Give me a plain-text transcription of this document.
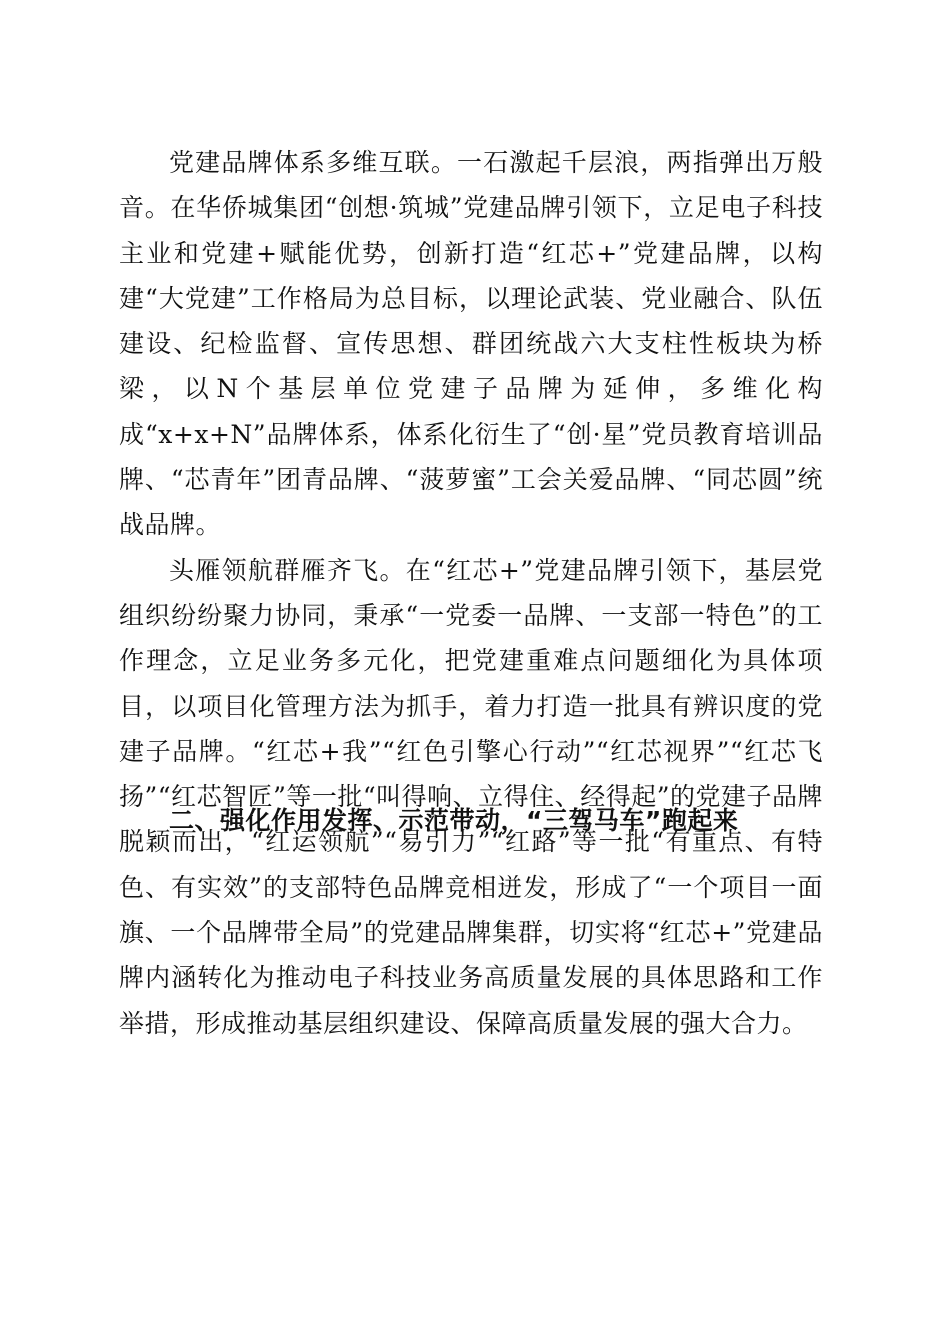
党建品牌体系多维互联。一石激起千层浪，两指弹出万般音。在华侨城集团“创想·筑城”党建品牌引领下，立足电子科技主业和党建+赋能优势，创新打造“红芯+”党建品牌，以构建“大党建”工作格局为总目标，以理论武装、党业融合、队伍建设、纪检监督、宣传思想、群团统战六大支柱性板块为桥梁，以N个基层单位党建子品牌为延伸，多维化构成“x+x+N”品牌体系，体系化衍生了“创·星”党员教育培训品牌、“芯青年”团青品牌、“菠萝蜜”工会关爱品牌、“同芯圆”统战品牌。

头雁领航群雁齐飞。在“红芯+”党建品牌引领下，基层党组织纷纷聚力协同，秉承“一党委一品牌、一支部一特色”的工作理念，立足业务多元化，把党建重难点问题细化为具体项目，以项目化管理方法为抓手，着力打造一批具有辨识度的党建子品牌。“红芯+我”“红色引擎心行动”“红芯视界”“红芯飞扬”“红芯智匠”等一批“叫得响、立得住、经得起”的党建子品牌脱颖而出，“红运领航”“易引力”“红路”等一批“有重点、有特色、有实效”的支部特色品牌竞相迸发，形成了“一个项目一面旗、一个品牌带全局”的党建品牌集群，切实将“红芯+”党建品牌内涵转化为推动电子科技业务高质量发展的具体思路和工作举措，形成推动基层组织建设、保障高质量发展的强大合力。

二、强化作用发挥、示范带动，“三驾马车”跑起来
